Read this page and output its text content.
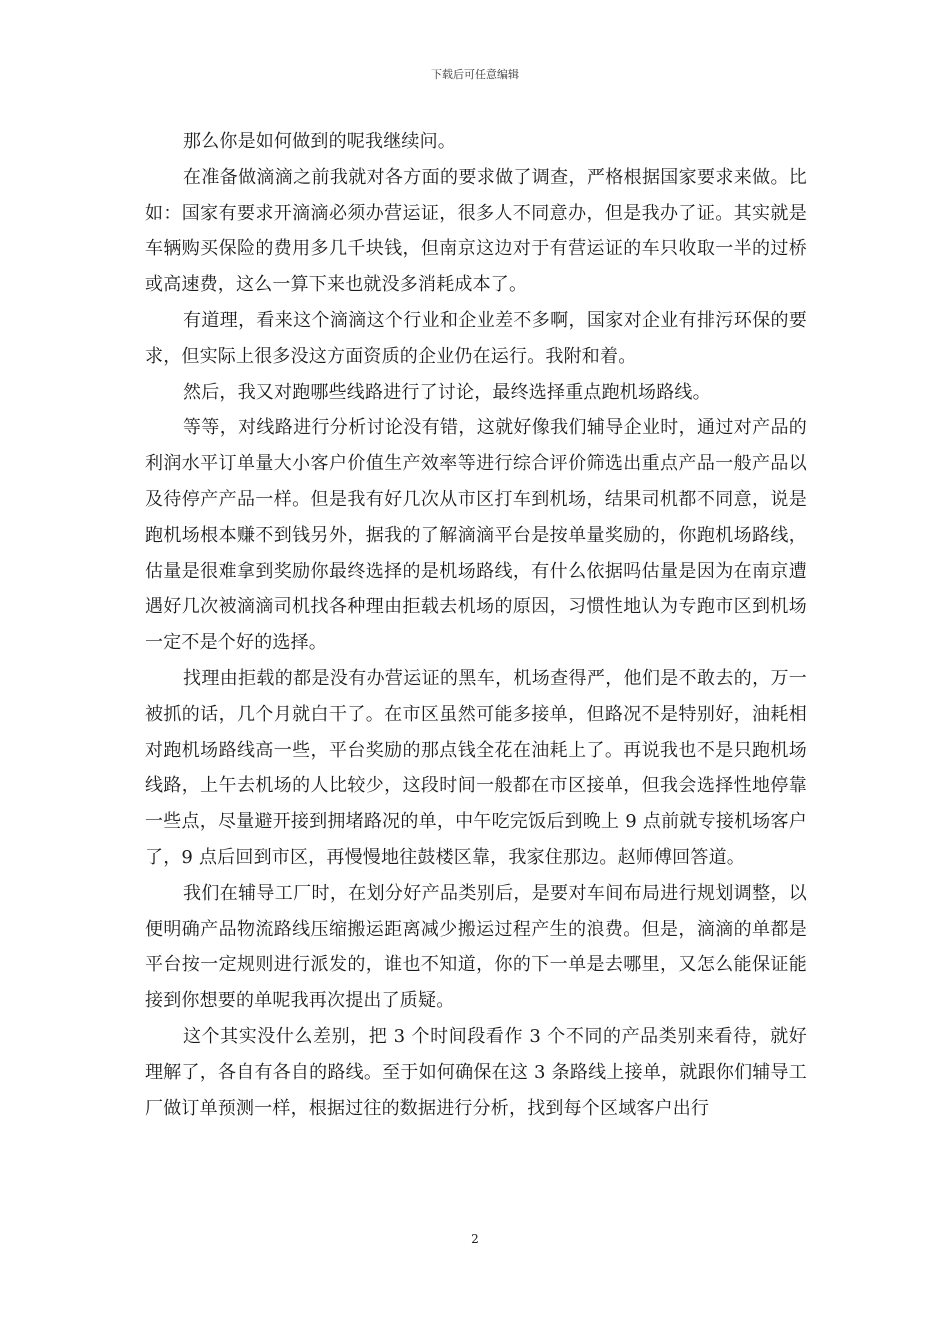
下载后可任意编辑

那么你是如何做到的呢我继续问。

在准备做滴滴之前我就对各方面的要求做了调查，严格根据国家要求来做。比如：国家有要求开滴滴必须办营运证，很多人不同意办，但是我办了证。其实就是车辆购买保险的费用多几千块钱，但南京这边对于有营运证的车只收取一半的过桥或高速费，这么一算下来也就没多消耗成本了。

有道理，看来这个滴滴这个行业和企业差不多啊，国家对企业有排污环保的要求，但实际上很多没这方面资质的企业仍在运行。我附和着。

然后，我又对跑哪些线路进行了讨论，最终选择重点跑机场路线。

等等，对线路进行分析讨论没有错，这就好像我们辅导企业时，通过对产品的利润水平订单量大小客户价值生产效率等进行综合评价筛选出重点产品一般产品以及待停产产品一样。但是我有好几次从市区打车到机场，结果司机都不同意，说是跑机场根本赚不到钱另外，据我的了解滴滴平台是按单量奖励的，你跑机场路线，估量是很难拿到奖励你最终选择的是机场路线，有什么依据吗估量是因为在南京遭遇好几次被滴滴司机找各种理由拒载去机场的原因，习惯性地认为专跑市区到机场一定不是个好的选择。

找理由拒载的都是没有办营运证的黑车，机场查得严，他们是不敢去的，万一被抓的话，几个月就白干了。在市区虽然可能多接单，但路况不是特别好，油耗相对跑机场路线高一些，平台奖励的那点钱全花在油耗上了。再说我也不是只跑机场线路，上午去机场的人比较少，这段时间一般都在市区接单，但我会选择性地停靠一些点，尽量避开接到拥堵路况的单，中午吃完饭后到晚上 9 点前就专接机场客户了，9 点后回到市区，再慢慢地往鼓楼区靠，我家住那边。赵师傅回答道。

我们在辅导工厂时，在划分好产品类别后，是要对车间布局进行规划调整，以便明确产品物流路线压缩搬运距离减少搬运过程产生的浪费。但是，滴滴的单都是平台按一定规则进行派发的，谁也不知道，你的下一单是去哪里，又怎么能保证能接到你想要的单呢我再次提出了质疑。

这个其实没什么差别，把 3 个时间段看作 3 个不同的产品类别来看待，就好理解了，各自有各自的路线。至于如何确保在这 3 条路线上接单，就跟你们辅导工厂做订单预测一样，根据过往的数据进行分析，找到每个区域客户出行

2
